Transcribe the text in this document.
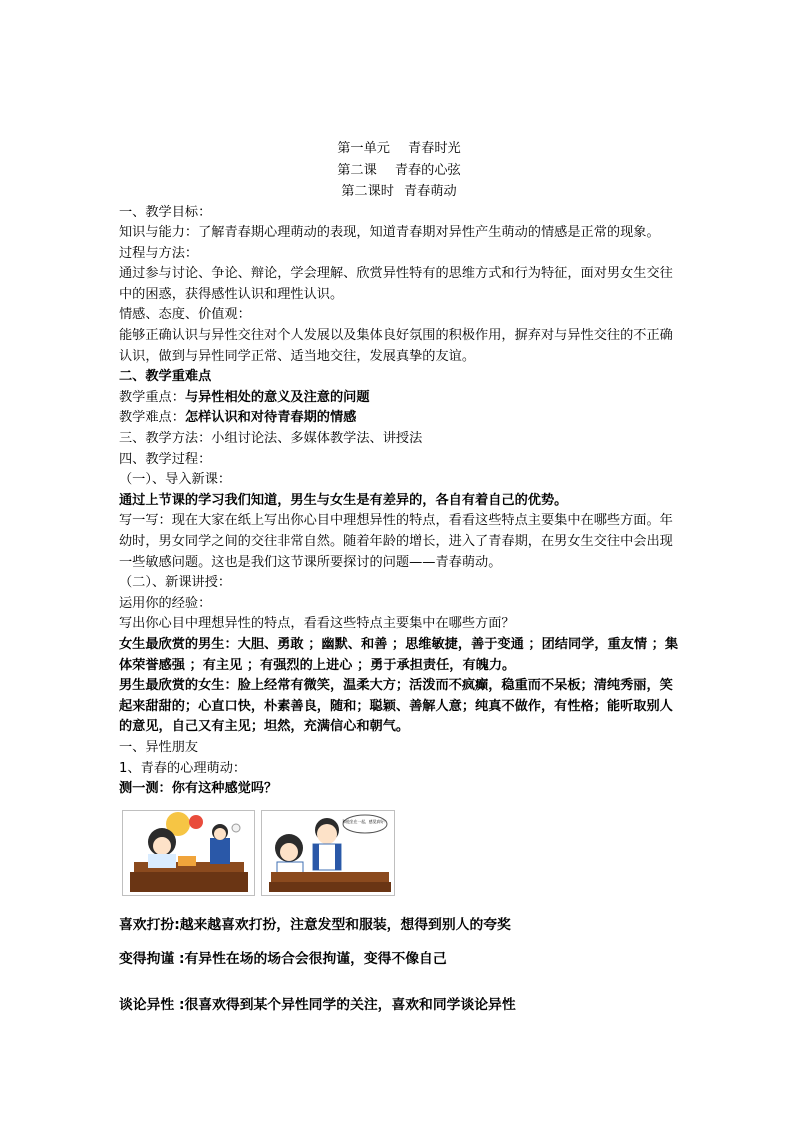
第一单元 青春时光
第二课 青春的心弦
第二课时 青春萌动
一、教学目标：
知识与能力：了解青春期心理萌动的表现，知道青春期对异性产生萌动的情感是正常的现象。
过程与方法：
通过参与讨论、争论、辩论，学会理解、欣赏异性特有的思维方式和行为特征，面对男女生交往中的困惑，获得感性认识和理性认识。
情感、态度、价值观：
能够正确认识与异性交往对个人发展以及集体良好氛围的积极作用，摒弃对与异性交往的不正确认识，做到与异性同学正常、适当地交往，发展真挚的友谊。
二、教学重难点
教学重点：与异性相处的意义及注意的问题
教学难点：怎样认识和对待青春期的情感
三、教学方法：小组讨论法、多媒体教学法、讲授法
四、教学过程：
（一）、导入新课：
通过上节课的学习我们知道，男生与女生是有差异的，各自有着自己的优势。
写一写：现在大家在纸上写出你心目中理想异性的特点，看看这些特点主要集中在哪些方面。年幼时，男女同学之间的交往非常自然。随着年龄的增长，进入了青春期，在男女生交往中会出现一些敏感问题。这也是我们这节课所要探讨的问题——青春萌动。
（二）、新课讲授：
运用你的经验：
写出你心目中理想异性的特点，看看这些特点主要集中在哪些方面？
女生最欣赏的男生：大胆、勇敢 ；幽默、和善 ；思维敏捷，善于变通 ；团结同学，重友情 ；集体荣誉感强 ；有主见 ；有强烈的上进心 ；勇于承担责任，有魄力。
男生最欣赏的女生：脸上经常有微笑，温柔大方；活泼而不疯癫，稳重而不呆板；清纯秀丽，笑起来甜甜的；心直口快，朴素善良，随和；聪颖、善解人意；纯真不做作，有性格；能听取别人的意见，自己又有主见；坦然，充满信心和朝气。
一、异性朋友
1、青春的心理萌动：
测一测：你有这种感觉吗？
和他坐在一起，感觉真好！
喜欢打扮:越来越喜欢打扮，注意发型和服装，想得到别人的夸奖
变得拘谨 :有异性在场的场合会很拘谨，变得不像自己
谈论异性 :很喜欢得到某个异性同学的关注，喜欢和同学谈论异性
